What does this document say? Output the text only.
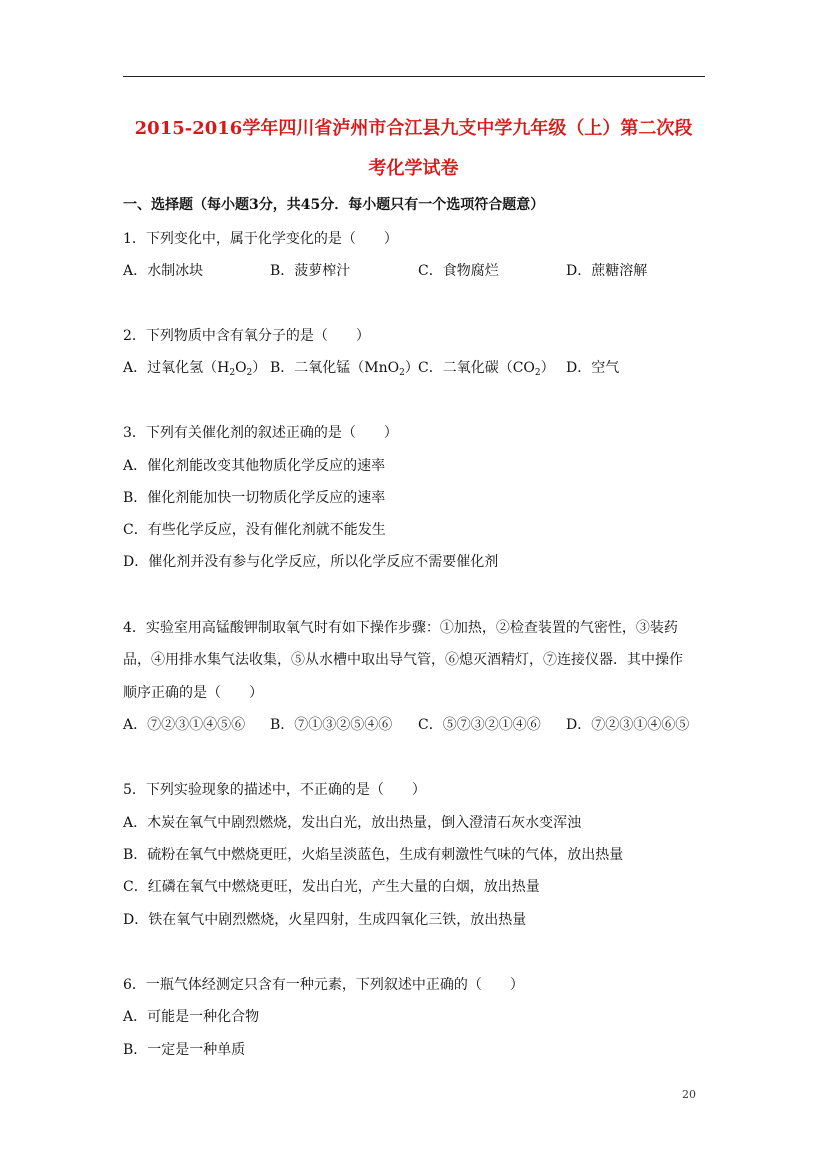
2015-2016学年四川省泸州市合江县九支中学九年级（上）第二次段
考化学试卷
一、选择题（每小题3分，共45分．每小题只有一个选项符合题意）
1．下列变化中，属于化学变化的是（　　）
A．水制冰块	B．菠萝榨汁	C．食物腐烂	D．蔗糖溶解
2．下列物质中含有氧分子的是（　　）
A．过氧化氢$(H_2O_2)$ B．二氧化锰（MnO$_2$） C．二氧化碳$(CO_2)$ D．空气
3．下列有关催化剂的叙述正确的是（　　）
A．催化剂能改变其他物质化学反应的速率
B．催化剂能加快一切物质化学反应的速率
C．有些化学反应，没有催化剂就不能发生
D．催化剂并没有参与化学反应，所以化学反应不需要催化剂
4．实验室用高锰酸钾制取氧气时有如下操作步骤：①加热，②检查装置的气密性，③装药
品，④用排水集气法收集，⑤从水槽中取出导气管，⑥熄灭酒精灯，⑦连接仪器．其中操作
顺序正确的是（　　）
A．⑦②③①④⑤⑥ B．⑦①③②⑤④⑥ C．⑤⑦③②①④⑥ D．⑦②③①④⑥⑤
5．下列实验现象的描述中，不正确的是（　　）
A．木炭在氧气中剧烈燃烧，发出白光，放出热量，倒入澄清石灰水变浑浊
B．硫粉在氧气中燃烧更旺，火焰呈淡蓝色，生成有刺激性气味的气体，放出热量
C．红磷在氧气中燃烧更旺，发出白光，产生大量的白烟，放出热量
D．铁在氧气中剧烈燃烧，火星四射，生成四氧化三铁，放出热量
6．一瓶气体经测定只含有一种元素，下列叙述中正确的（　　）
A．可能是一种化合物
B．一定是一种单质
20
